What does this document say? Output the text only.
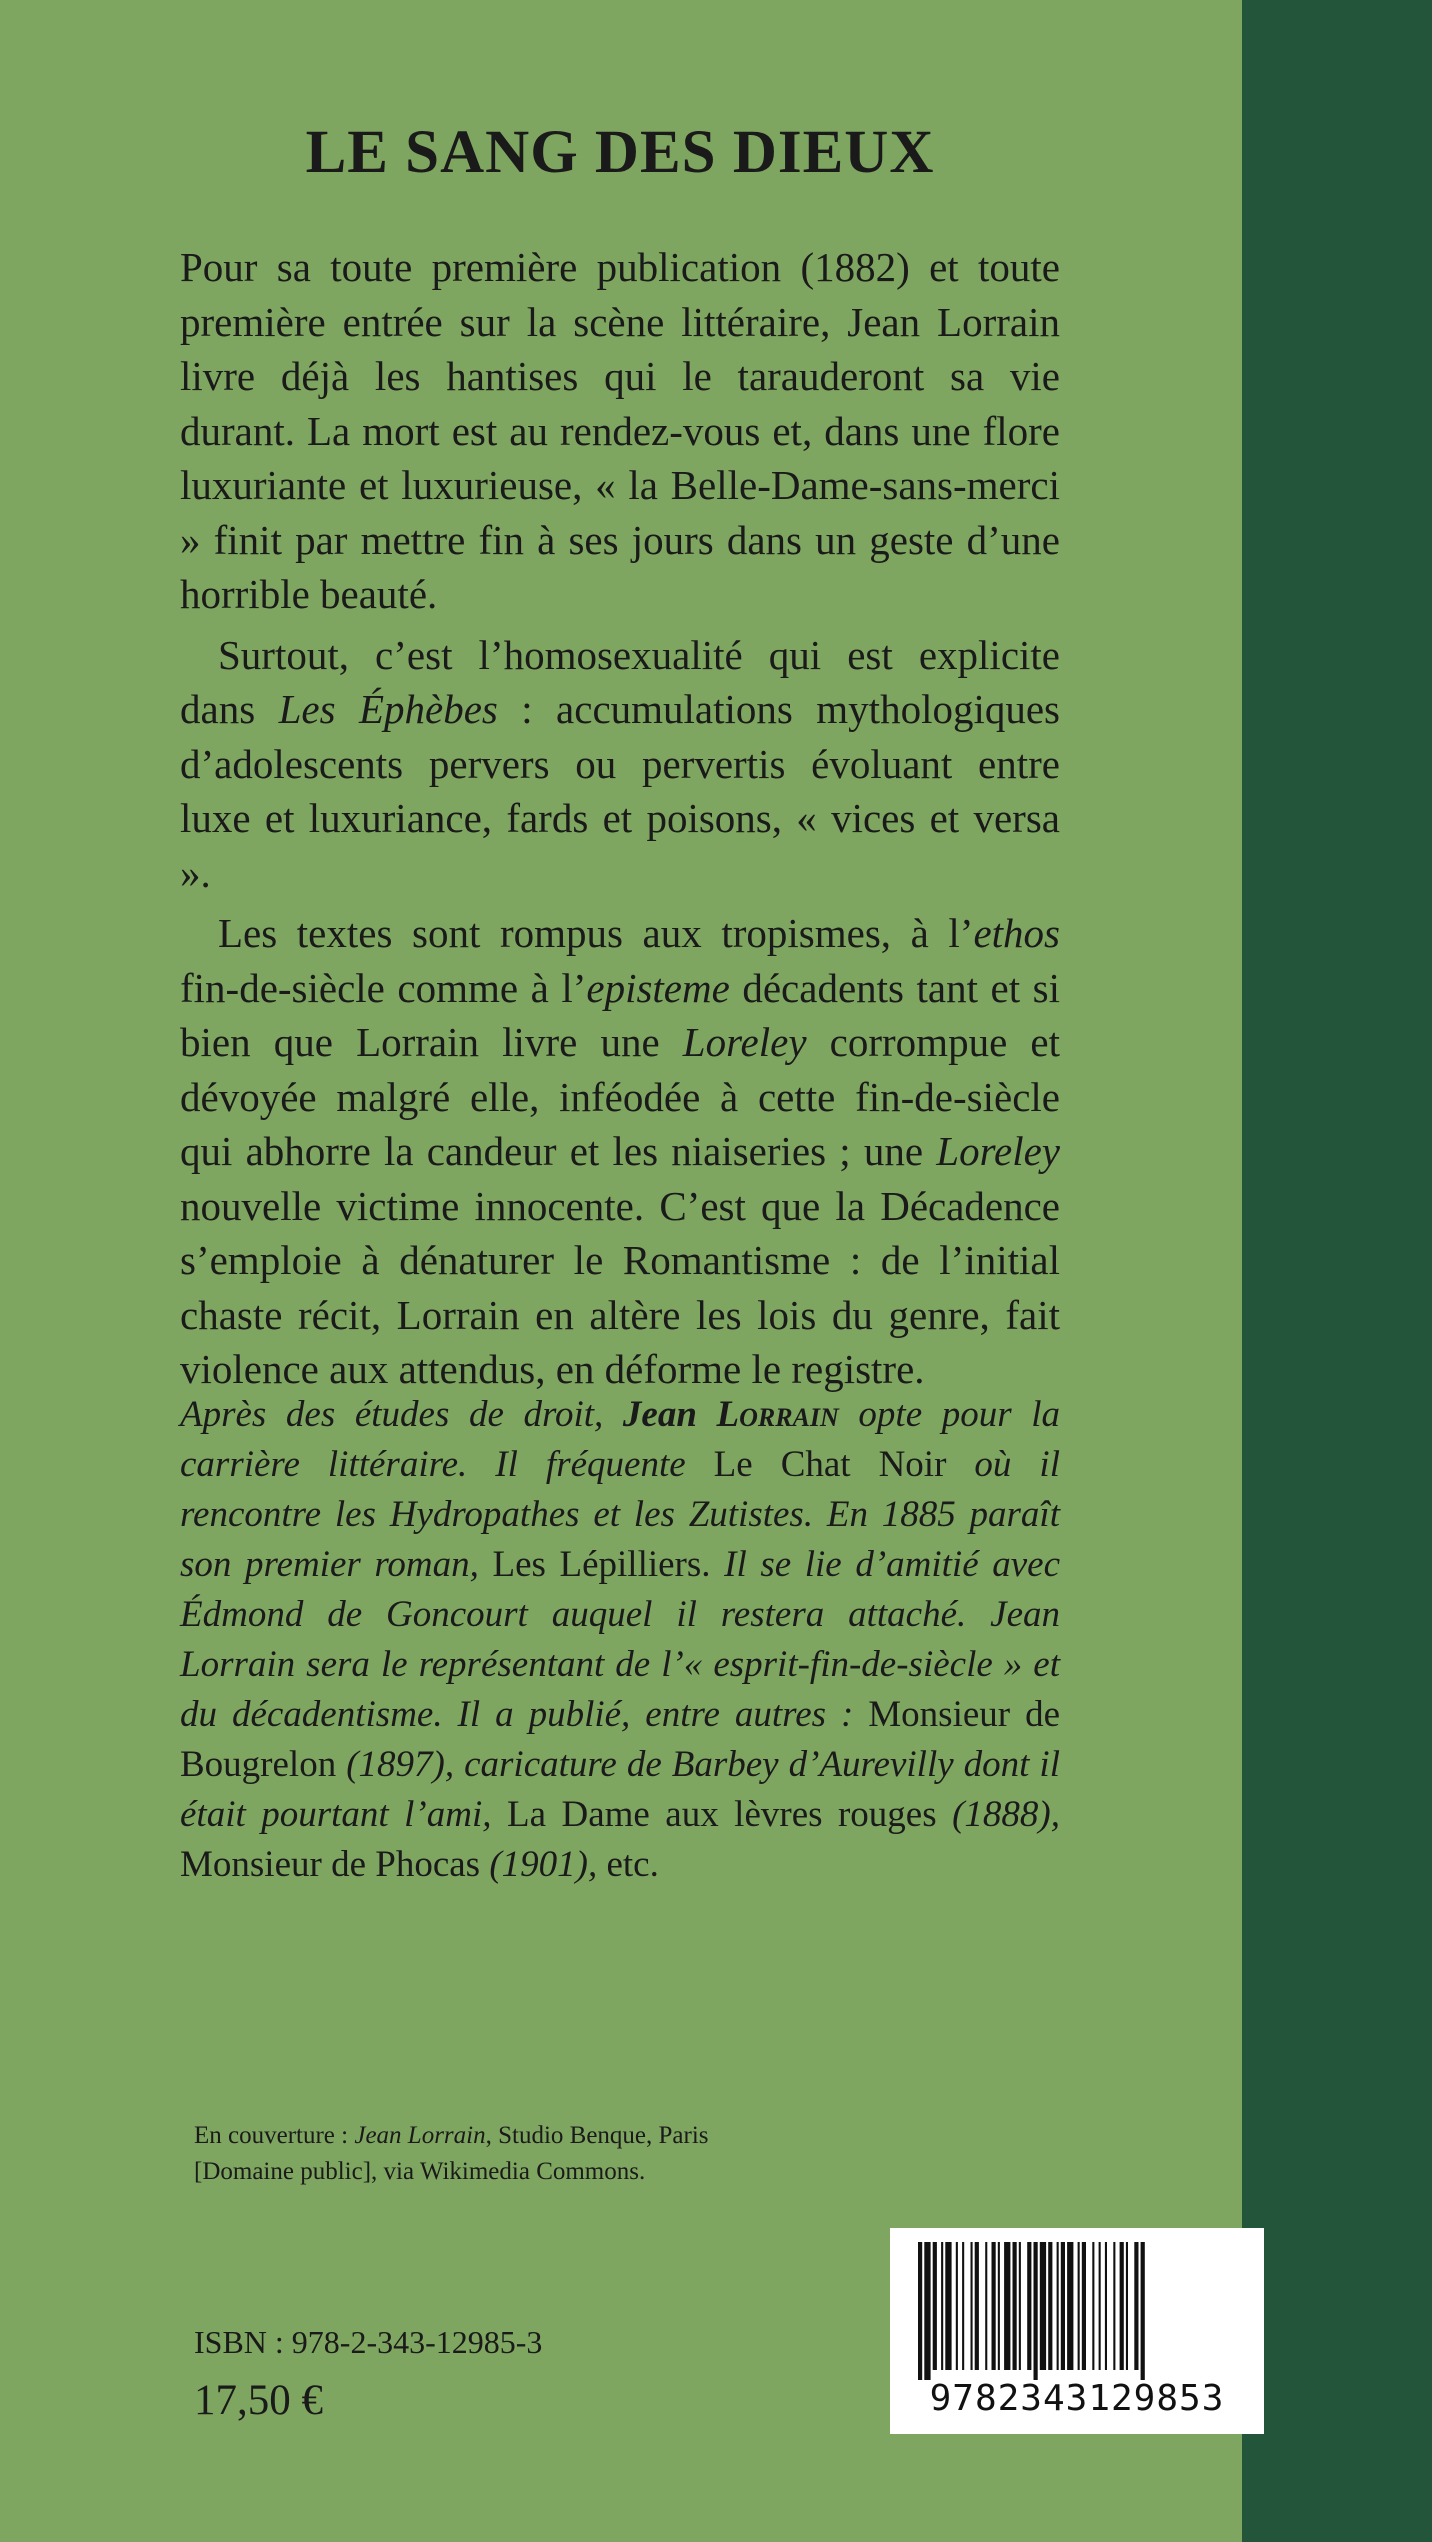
LE SANG DES DIEUX

Pour sa toute première publication (1882) et toute première entrée sur la scène littéraire, Jean Lorrain livre déjà les hantises qui le tarauderont sa vie durant. La mort est au rendez-vous et, dans une flore luxuriante et luxurieuse, « la Belle-Dame-sans-merci » finit par mettre fin à ses jours dans un geste d’une horrible beauté.

Surtout, c’est l’homosexualité qui est explicite dans Les Éphèbes : accumulations mythologiques d’adolescents pervers ou pervertis évoluant entre luxe et luxuriance, fards et poisons, « vices et versa ».

Les textes sont rompus aux tropismes, à l’ethos fin-de-siècle comme à l’episteme décadents tant et si bien que Lorrain livre une Loreley corrompue et dévoyée malgré elle, inféodée à cette fin-de-siècle qui abhorre la candeur et les niaiseries ; une Loreley nouvelle victime innocente. C’est que la Décadence s’emploie à dénaturer le Romantisme : de l’initial chaste récit, Lorrain en altère les lois du genre, fait violence aux attendus, en déforme le registre.

Après des études de droit, Jean Lorrain opte pour la carrière littéraire. Il fréquente Le Chat Noir où il rencontre les Hydropathes et les Zutistes. En 1885 paraît son premier roman, Les Lépilliers. Il se lie d’amitié avec Édmond de Goncourt auquel il restera attaché. Jean Lorrain sera le représentant de l’« esprit-fin-de-siècle » et du décadentisme. Il a publié, entre autres : Monsieur de Bougrelon (1897), caricature de Barbey d’Aurevilly dont il était pourtant l’ami, La Dame aux lèvres rouges (1888), Monsieur de Phocas (1901), etc.

En couverture : Jean Lorrain, Studio Benque, Paris
[Domaine public], via Wikimedia Commons.
ISBN : 978-2-343-12985-3
17,50 €	9782343129853
